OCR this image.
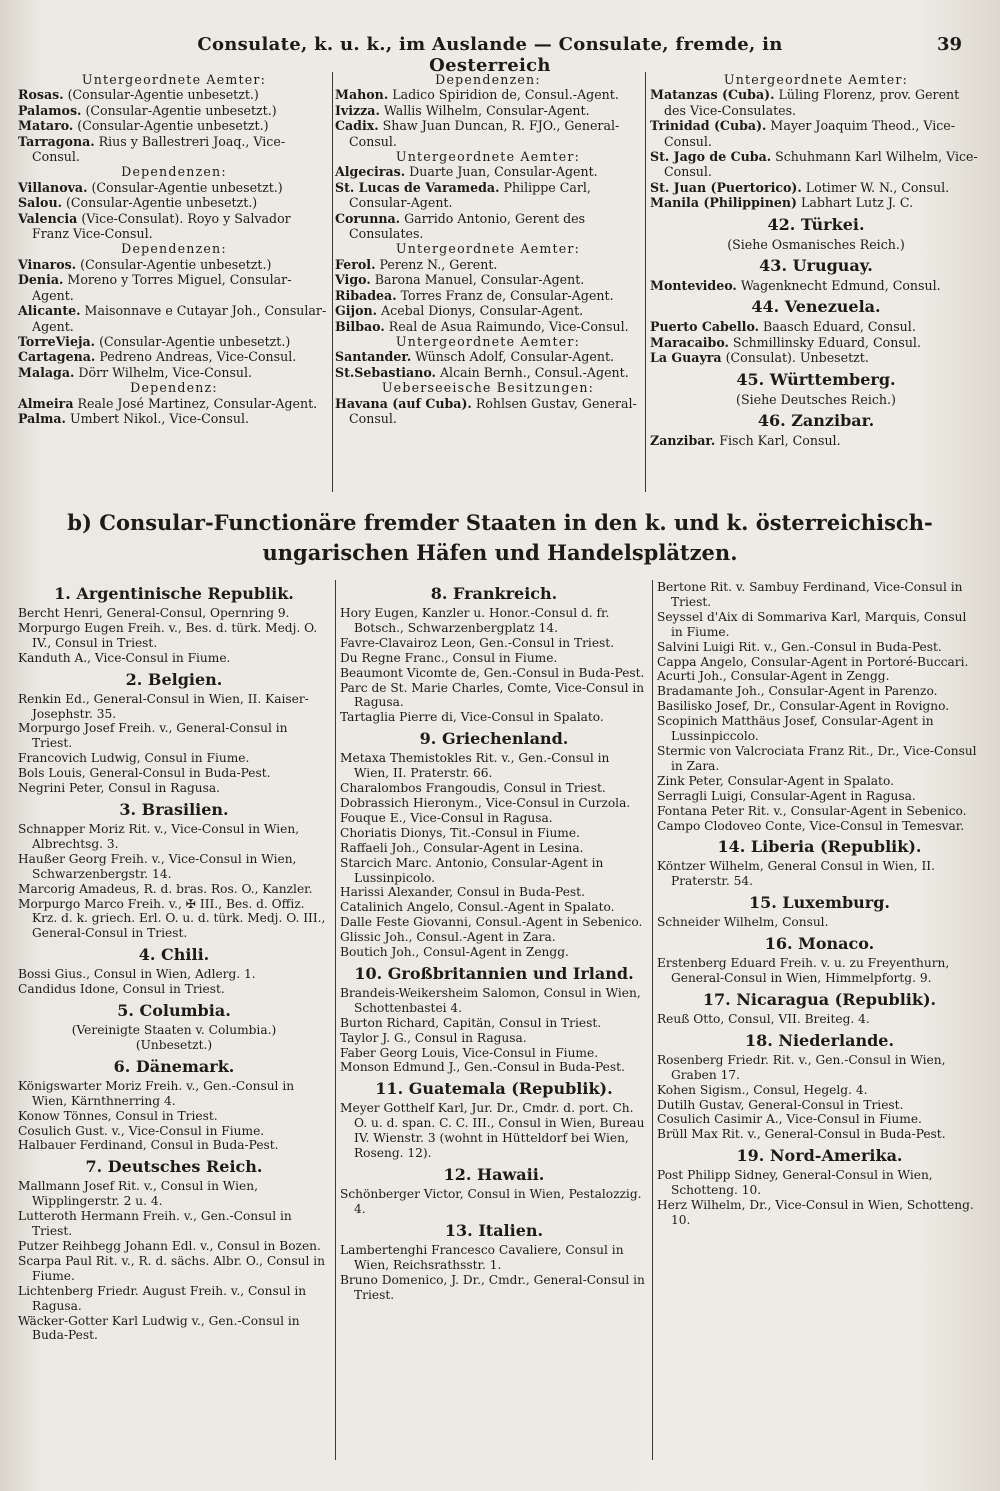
Consulate, k. u. k., im Auslande — Consulate, fremde, in Oesterreich
39

Untergeordnete Aemter:

Rosas. (Consular-Agentie unbesetzt.)

Palamos. (Consular-Agentie unbesetzt.)

Mataro. (Consular-Agentie unbesetzt.)

Tarragona. Rius y Ballestreri Joaq., Vice-Consul.

Dependenzen:

Villanova. (Consular-Agentie unbesetzt.)

Salou. (Consular-Agentie unbesetzt.)

Valencia (Vice-Consulat). Royo y Salvador Franz Vice-Consul.

Dependenzen:

Vinaros. (Consular-Agentie unbesetzt.)

Denia. Moreno y Torres Miguel, Consular-Agent.

Alicante. Maisonnave e Cutayar Joh., Consular-Agent.

TorreVieja. (Consular-Agentie unbesetzt.)

Cartagena. Pedreno Andreas, Vice-Consul.

Malaga. Dörr Wilhelm, Vice-Consul.

Dependenz:

Almeira Reale José Martinez, Consular-Agent.

Palma. Umbert Nikol., Vice-Consul.

Dependenzen:

Mahon. Ladico Spiridion de, Consul.-Agent.

Ivizza. Wallis Wilhelm, Consular-Agent.

Cadix. Shaw Juan Duncan, R. FJO., General-Consul.

Untergeordnete Aemter:

Algeciras. Duarte Juan, Consular-Agent.

St. Lucas de Varameda. Philippe Carl, Consular-Agent.

Corunna. Garrido Antonio, Gerent des Consulates.

Untergeordnete Aemter:

Ferol. Perenz N., Gerent.

Vigo. Barona Manuel, Consular-Agent.

Ribadea. Torres Franz de, Consular-Agent.

Gijon. Acebal Dionys, Consular-Agent.

Bilbao. Real de Asua Raimundo, Vice-Consul.

Untergeordnete Aemter:

Santander. Wünsch Adolf, Consular-Agent.

St.Sebastiano. Alcain Bernh., Consul.-Agent.

Ueberseeische Besitzungen:

Havana (auf Cuba). Rohlsen Gustav, General-Consul.

Untergeordnete Aemter:

Matanzas (Cuba). Lüling Florenz, prov. Gerent des Vice-Consulates.

Trinidad (Cuba). Mayer Joaquim Theod., Vice-Consul.

St. Jago de Cuba. Schuhmann Karl Wilhelm, Vice-Consul.

St. Juan (Puertorico). Lotimer W. N., Consul.

Manila (Philippinen) Labhart Lutz J. C.

42. Türkei.

(Siehe Osmanisches Reich.)

43. Uruguay.

Montevideo. Wagenknecht Edmund, Consul.

44. Venezuela.

Puerto Cabello. Baasch Eduard, Consul.

Maracaibo. Schmillinsky Eduard, Consul.

La Guayra (Consulat). Unbesetzt.

45. Württemberg.

(Siehe Deutsches Reich.)

46. Zanzibar.

Zanzibar. Fisch Karl, Consul.

b) Consular-Functionäre fremder Staaten in den k. und k. österreichisch-ungarischen Häfen und Handelsplätzen.

1. Argentinische Republik.

Bercht Henri, General-Consul, Opernring 9.

Morpurgo Eugen Freih. v., Bes. d. türk. Medj. O. IV., Consul in Triest.

Kanduth A., Vice-Consul in Fiume.

2. Belgien.

Renkin Ed., General-Consul in Wien, II. Kaiser-Josephstr. 35.

Morpurgo Josef Freih. v., General-Consul in Triest.

Francovich Ludwig, Consul in Fiume.

Bols Louis, General-Consul in Buda-Pest.

Negrini Peter, Consul in Ragusa.

3. Brasilien.

Schnapper Moriz Rit. v., Vice-Consul in Wien, Albrechtsg. 3.

Haußer Georg Freih. v., Vice-Consul in Wien, Schwarzenbergstr. 14.

Marcorig Amadeus, R. d. bras. Ros. O., Kanzler.

Morpurgo Marco Freih. v., ✠ III., Bes. d. Offiz. Krz. d. k. griech. Erl. O. u. d. türk. Medj. O. III., General-Consul in Triest.

4. Chili.

Bossi Gius., Consul in Wien, Adlerg. 1.

Candidus Idone, Consul in Triest.

5. Columbia.

(Vereinigte Staaten v. Columbia.)

(Unbesetzt.)

6. Dänemark.

Königswarter Moriz Freih. v., Gen.-Consul in Wien, Kärnthnerring 4.

Konow Tönnes, Consul in Triest.

Cosulich Gust. v., Vice-Consul in Fiume.

Halbauer Ferdinand, Consul in Buda-Pest.

7. Deutsches Reich.

Mallmann Josef Rit. v., Consul in Wien, Wipplingerstr. 2 u. 4.

Lutteroth Hermann Freih. v., Gen.-Consul in Triest.

Putzer Reihbegg Johann Edl. v., Consul in Bozen.

Scarpa Paul Rit. v., R. d. sächs. Albr. O., Consul in Fiume.

Lichtenberg Friedr. August Freih. v., Consul in Ragusa.

Wäcker-Gotter Karl Ludwig v., Gen.-Consul in Buda-Pest.

8. Frankreich.

Hory Eugen, Kanzler u. Honor.-Consul d. fr. Botsch., Schwarzenbergplatz 14.

Favre-Clavairoz Leon, Gen.-Consul in Triest.

Du Regne Franc., Consul in Fiume.

Beaumont Vicomte de, Gen.-Consul in Buda-Pest.

Parc de St. Marie Charles, Comte, Vice-Consul in Ragusa.

Tartaglia Pierre di, Vice-Consul in Spalato.

9. Griechenland.

Metaxa Themistokles Rit. v., Gen.-Consul in Wien, II. Praterstr. 66.

Charalombos Frangoudis, Consul in Triest.

Dobrassich Hieronym., Vice-Consul in Curzola.

Fouque E., Vice-Consul in Ragusa.

Choriatis Dionys, Tit.-Consul in Fiume.

Raffaeli Joh., Consular-Agent in Lesina.

Starcich Marc. Antonio, Consular-Agent in Lussinpicolo.

Harissi Alexander, Consul in Buda-Pest.

Catalinich Angelo, Consul.-Agent in Spalato.

Dalle Feste Giovanni, Consul.-Agent in Sebenico.

Glissic Joh., Consul.-Agent in Zara.

Boutich Joh., Consul-Agent in Zengg.

10. Großbritannien und Irland.

Brandeis-Weikersheim Salomon, Consul in Wien, Schottenbastei 4.

Burton Richard, Capitän, Consul in Triest.

Taylor J. G., Consul in Ragusa.

Faber Georg Louis, Vice-Consul in Fiume.

Monson Edmund J., Gen.-Consul in Buda-Pest.

11. Guatemala (Republik).

Meyer Gotthelf Karl, Jur. Dr., Cmdr. d. port. Ch. O. u. d. span. C. C. III., Consul in Wien, Bureau IV. Wienstr. 3 (wohnt in Hütteldorf bei Wien, Roseng. 12).

12. Hawaii.

Schönberger Victor, Consul in Wien, Pestalozzig. 4.

13. Italien.

Lambertenghi Francesco Cavaliere, Consul in Wien, Reichsrathsstr. 1.

Bruno Domenico, J. Dr., Cmdr., General-Consul in Triest.

Bertone Rit. v. Sambuy Ferdinand, Vice-Consul in Triest.

Seyssel d'Aix di Sommariva Karl, Marquis, Consul in Fiume.

Salvini Luigi Rit. v., Gen.-Consul in Buda-Pest.

Cappa Angelo, Consular-Agent in Portoré-Buccari.

Acurti Joh., Consular-Agent in Zengg.

Bradamante Joh., Consular-Agent in Parenzo.

Basilisko Josef, Dr., Consular-Agent in Rovigno.

Scopinich Matthäus Josef, Consular-Agent in Lussinpiccolo.

Stermic von Valcrociata Franz Rit., Dr., Vice-Consul in Zara.

Zink Peter, Consular-Agent in Spalato.

Serragli Luigi, Consular-Agent in Ragusa.

Fontana Peter Rit. v., Consular-Agent in Sebenico.

Campo Clodoveo Conte, Vice-Consul in Temesvar.

14. Liberia (Republik).

Köntzer Wilhelm, General Consul in Wien, II. Praterstr. 54.

15. Luxemburg.

Schneider Wilhelm, Consul.

16. Monaco.

Erstenberg Eduard Freih. v. u. zu Freyenthurn, General-Consul in Wien, Himmelpfortg. 9.

17. Nicaragua (Republik).

Reuß Otto, Consul, VII. Breiteg. 4.

18. Niederlande.

Rosenberg Friedr. Rit. v., Gen.-Consul in Wien, Graben 17.

Kohen Sigism., Consul, Hegelg. 4.

Dutilh Gustav, General-Consul in Triest.

Cosulich Casimir A., Vice-Consul in Fiume.

Brüll Max Rit. v., General-Consul in Buda-Pest.

19. Nord-Amerika.

Post Philipp Sidney, General-Consul in Wien, Schotteng. 10.

Herz Wilhelm, Dr., Vice-Consul in Wien, Schotteng. 10.
